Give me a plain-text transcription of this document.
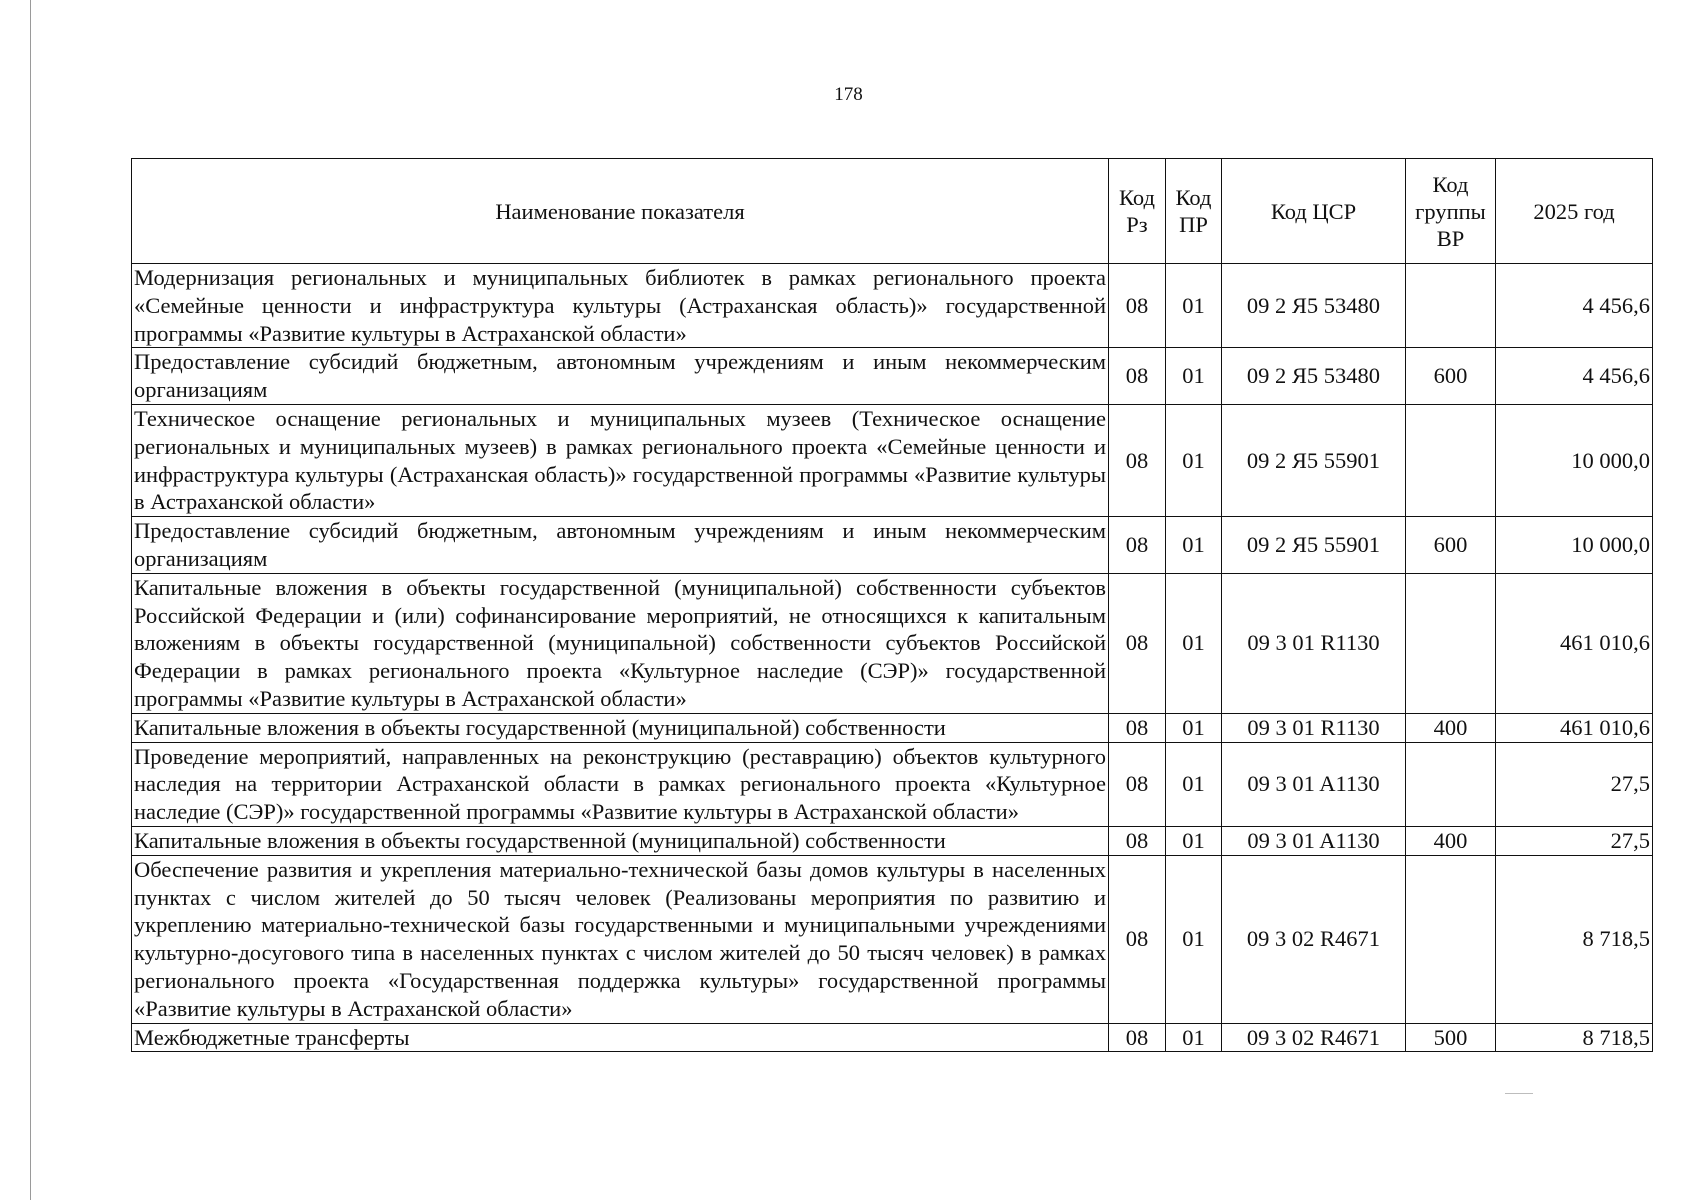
178
Наименование показателя	Код Рз	Код ПР	Код ЦСР	Код группы ВР	2025 год
Модернизация региональных и муниципальных библиотек в рамках регионального проекта «Семейные ценности и инфраструктура культуры (Астраханская область)» государственной программы «Развитие культуры в Астраханской области»	08	01	09 2 Я5 53480		4 456,6
Предоставление субсидий бюджетным, автономным учреждениям и иным некоммерческим организациям	08	01	09 2 Я5 53480	600	4 456,6
Техническое оснащение региональных и муниципальных музеев (Техническое оснащение региональных и муниципальных музеев) в рамках регионального проекта «Семейные ценности и инфраструктура культуры (Астраханская область)» государственной программы «Развитие культуры в Астраханской области»	08	01	09 2 Я5 55901		10 000,0
Предоставление субсидий бюджетным, автономным учреждениям и иным некоммерческим организациям	08	01	09 2 Я5 55901	600	10 000,0
Капитальные вложения в объекты государственной (муниципальной) собственности субъектов Российской Федерации и (или) софинансирование мероприятий, не относящихся к капитальным вложениям в объекты государственной (муниципальной) собственности субъектов Российской Федерации в рамках регионального проекта «Культурное наследие (СЭР)» государственной программы «Развитие культуры в Астраханской области»	08	01	09 3 01 R1130		461 010,6
Капитальные вложения в объекты государственной (муниципальной) собственности	08	01	09 3 01 R1130	400	461 010,6
Проведение мероприятий, направленных на реконструкцию (реставрацию) объектов культурного наследия на территории Астраханской области в рамках регионального проекта «Культурное наследие (СЭР)» государственной программы «Развитие культуры в Астраханской области»	08	01	09 3 01 A1130		27,5
Капитальные вложения в объекты государственной (муниципальной) собственности	08	01	09 3 01 A1130	400	27,5
Обеспечение развития и укрепления материально-технической базы домов культуры в населенных пунктах с числом жителей до 50 тысяч человек (Реализованы мероприятия по развитию и укреплению материально-технической базы государственными и муниципальными учреждениями культурно-досугового типа в населенных пунктах с числом жителей до 50 тысяч человек) в рамках регионального проекта «Государственная поддержка культуры» государственной программы «Развитие культуры в Астраханской области»	08	01	09 3 02 R4671		8 718,5
Межбюджетные трансферты	08	01	09 3 02 R4671	500	8 718,5
